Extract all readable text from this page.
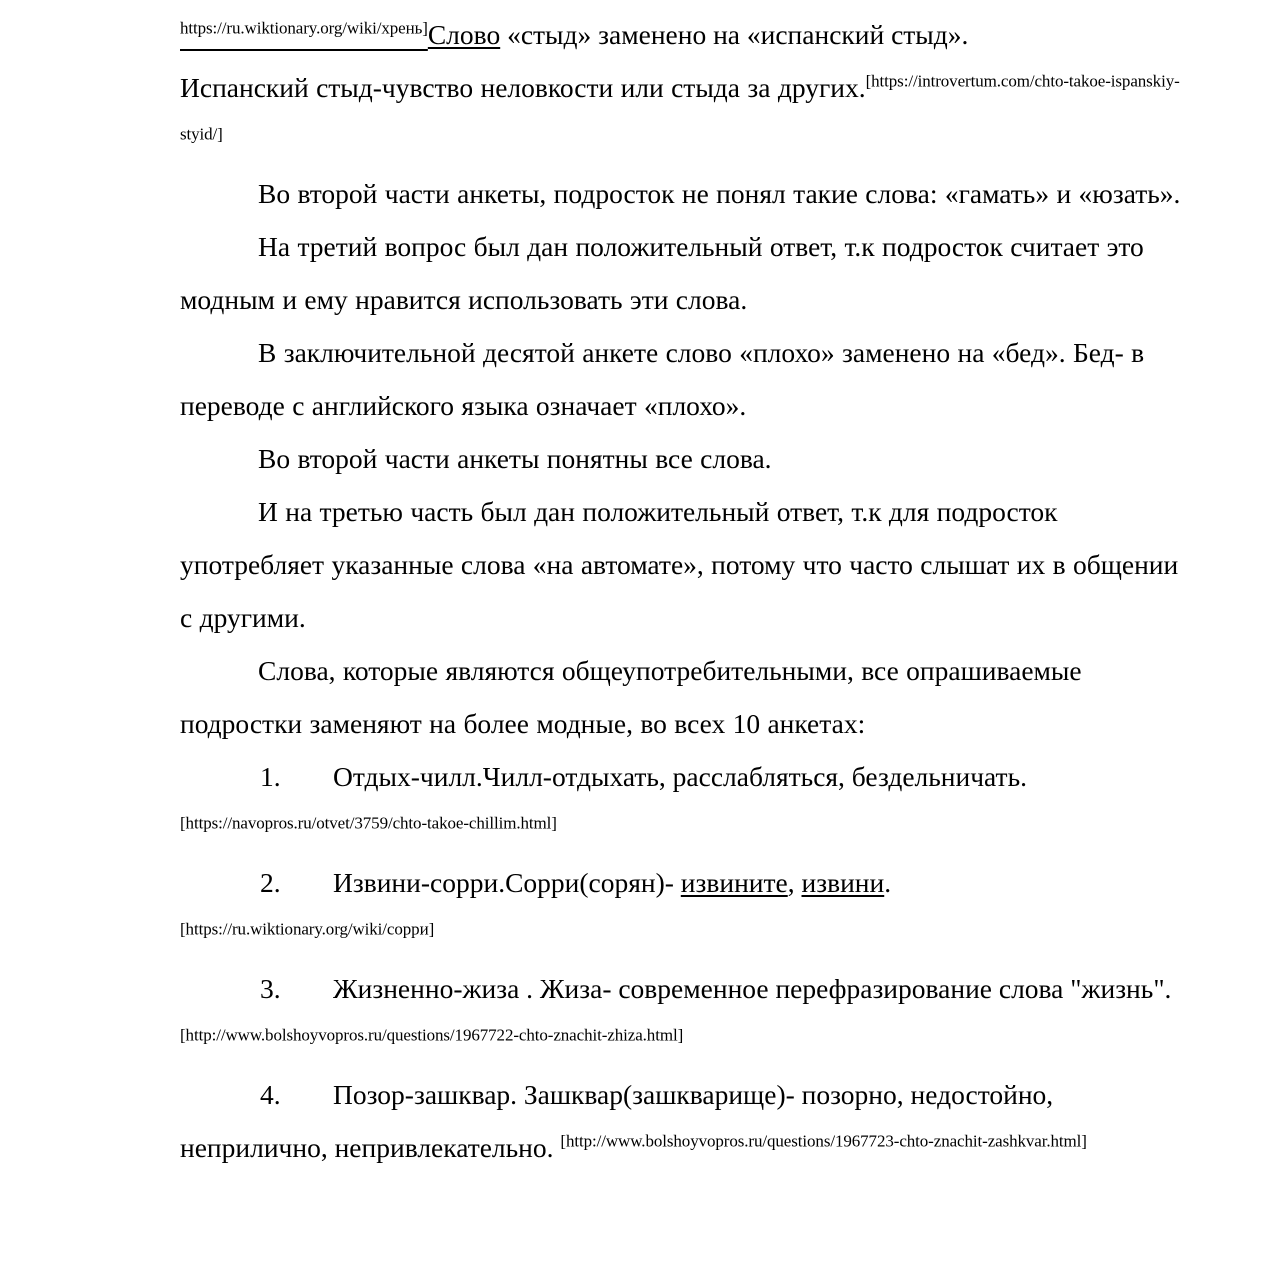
$^{https://ru.wiktionary.org/wiki/хрень]}$Слово «стыд» заменено на «испанский стыд».

Испанский стыд-чувство неловкости или стыда за других.[https://introvertum.com/chto-takoe-ispanskiy-styid/]

Во второй части анкеты, подросток не понял такие слова: «гамать» и «юзать».

На третий вопрос был дан положительный ответ, т.к подросток считает это модным и ему нравится использовать эти слова.

В заключительной десятой анкете слово «плохо» заменено на «бед». Бед- в переводе с английского языка означает «плохо».

Во второй части анкеты понятны все слова.

И на третью часть был дан положительный ответ, т.к для подросток употребляет указанные слова «на автомате», потому что часто слышат их в общении с другими.

Слова, которые являются общеупотребительными, все опрашиваемые подростки заменяют на более модные, во всех 10 анкетах:

1. Отдых-чилл.Чилл-отдыхать, расслабляться, бездельничать.[https://navopros.ru/otvet/3759/chto-takoe-chillim.html]

2. Извини-сорри.Сорри(сорян)- извините, извини.

[https://ru.wiktionary.org/wiki/сорри]

3. Жизненно-жиза . Жиза- современное перефразирование слова "жизнь".[http://www.bolshoyvopros.ru/questions/1967722-chto-znachit-zhiza.html]

4. Позор-зашквар. Зашквар(зашкварище)- позорно, недостойно, неприлично, непривлекательно. [http://www.bolshoyvopros.ru/questions/1967723-chto-znachit-zashkvar.html]
